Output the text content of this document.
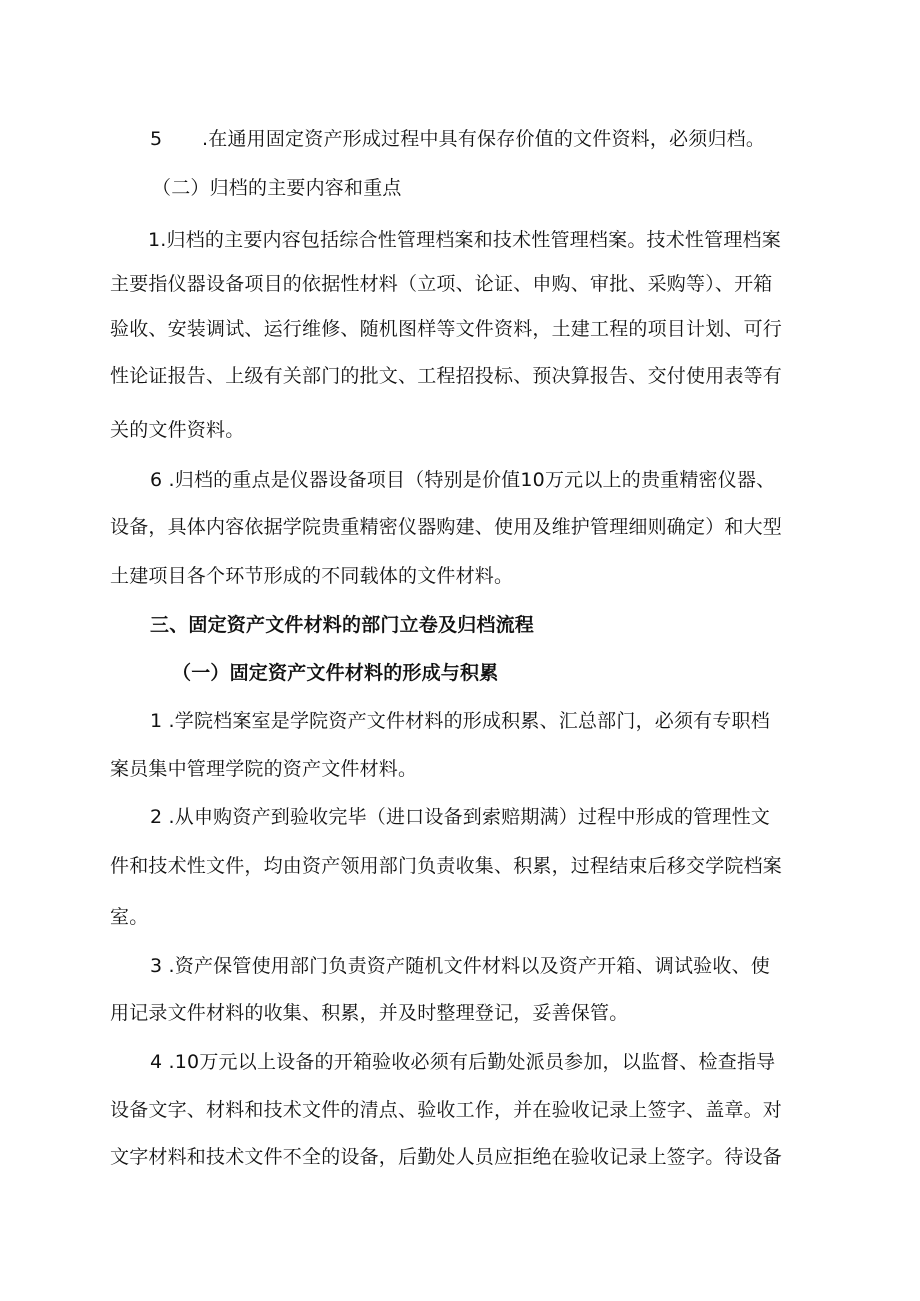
5 .在通用固定资产形成过程中具有保存价值的文件资料，必须归档。
（二）归档的主要内容和重点
1.归档的主要内容包括综合性管理档案和技术性管理档案。技术性管理档案
主要指仪器设备项目的依据性材料（立项、论证、申购、审批、采购等）、开箱
验收、安装调试、运行维修、随机图样等文件资料，土建工程的项目计划、可行
性论证报告、上级有关部门的批文、工程招投标、预决算报告、交付使用表等有
关的文件资料。
6 .归档的重点是仪器设备项目（特别是价值10万元以上的贵重精密仪器、
设备，具体内容依据学院贵重精密仪器购建、使用及维护管理细则确定）和大型
土建项目各个环节形成的不同载体的文件材料。
三、固定资产文件材料的部门立卷及归档流程
（一）固定资产文件材料的形成与积累
1 .学院档案室是学院资产文件材料的形成积累、汇总部门，必须有专职档
案员集中管理学院的资产文件材料。
2 .从申购资产到验收完毕（进口设备到索赔期满）过程中形成的管理性文
件和技术性文件，均由资产领用部门负责收集、积累，过程结束后移交学院档案
室。
3 .资产保管使用部门负责资产随机文件材料以及资产开箱、调试验收、使
用记录文件材料的收集、积累，并及时整理登记，妥善保管。
4 .10万元以上设备的开箱验收必须有后勤处派员参加，以监督、检查指导
设备文字、材料和技术文件的清点、验收工作，并在验收记录上签字、盖章。对
文字材料和技术文件不全的设备，后勤处人员应拒绝在验收记录上签字。待设备
